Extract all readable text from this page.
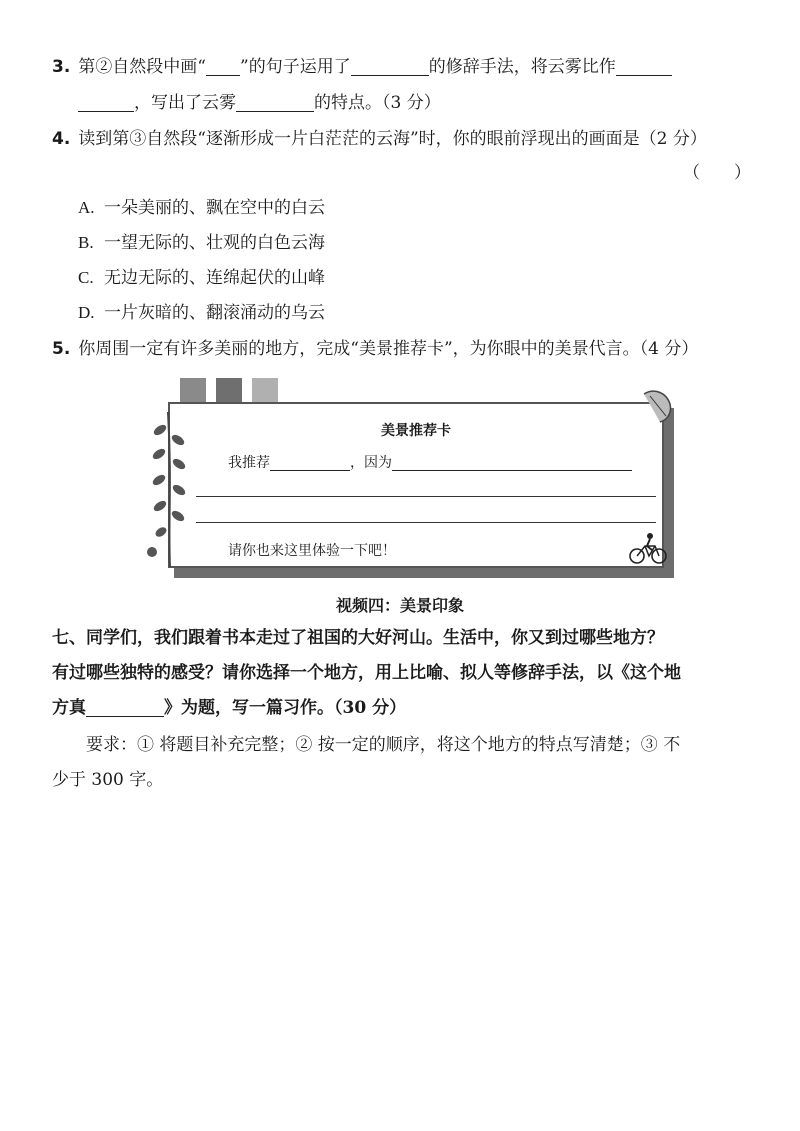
3. 第②自然段中画“ ”的句子运用了	的修辞手法，将云雾比作
，写出了云雾	的特点。（3 分）
4. 读到第③自然段“逐渐形成一片白茫茫的云海”时，你的眼前浮现出的画面是（2 分）
（　　）
A. 一朵美丽的、飘在空中的白云
B. 一望无际的、壮观的白色云海
C. 无边无际的、连绵起伏的山峰
D. 一片灰暗的、翻滚涌动的乌云
5. 你周围一定有许多美丽的地方，完成“美景推荐卡”，为你眼中的美景代言。（4 分）
美景推荐卡
我推荐	，因为
请你也来这里体验一下吧！
视频四：美景印象
七、同学们，我们跟着书本走过了祖国的大好河山。生活中，你又到过哪些地方？
有过哪些独特的感受？请你选择一个地方，用上比喻、拟人等修辞手法，以《这个地
方真	》为题，写一篇习作。（30 分）
要求：① 将题目补充完整；② 按一定的顺序，将这个地方的特点写清楚；③ 不
少于 300 字。
